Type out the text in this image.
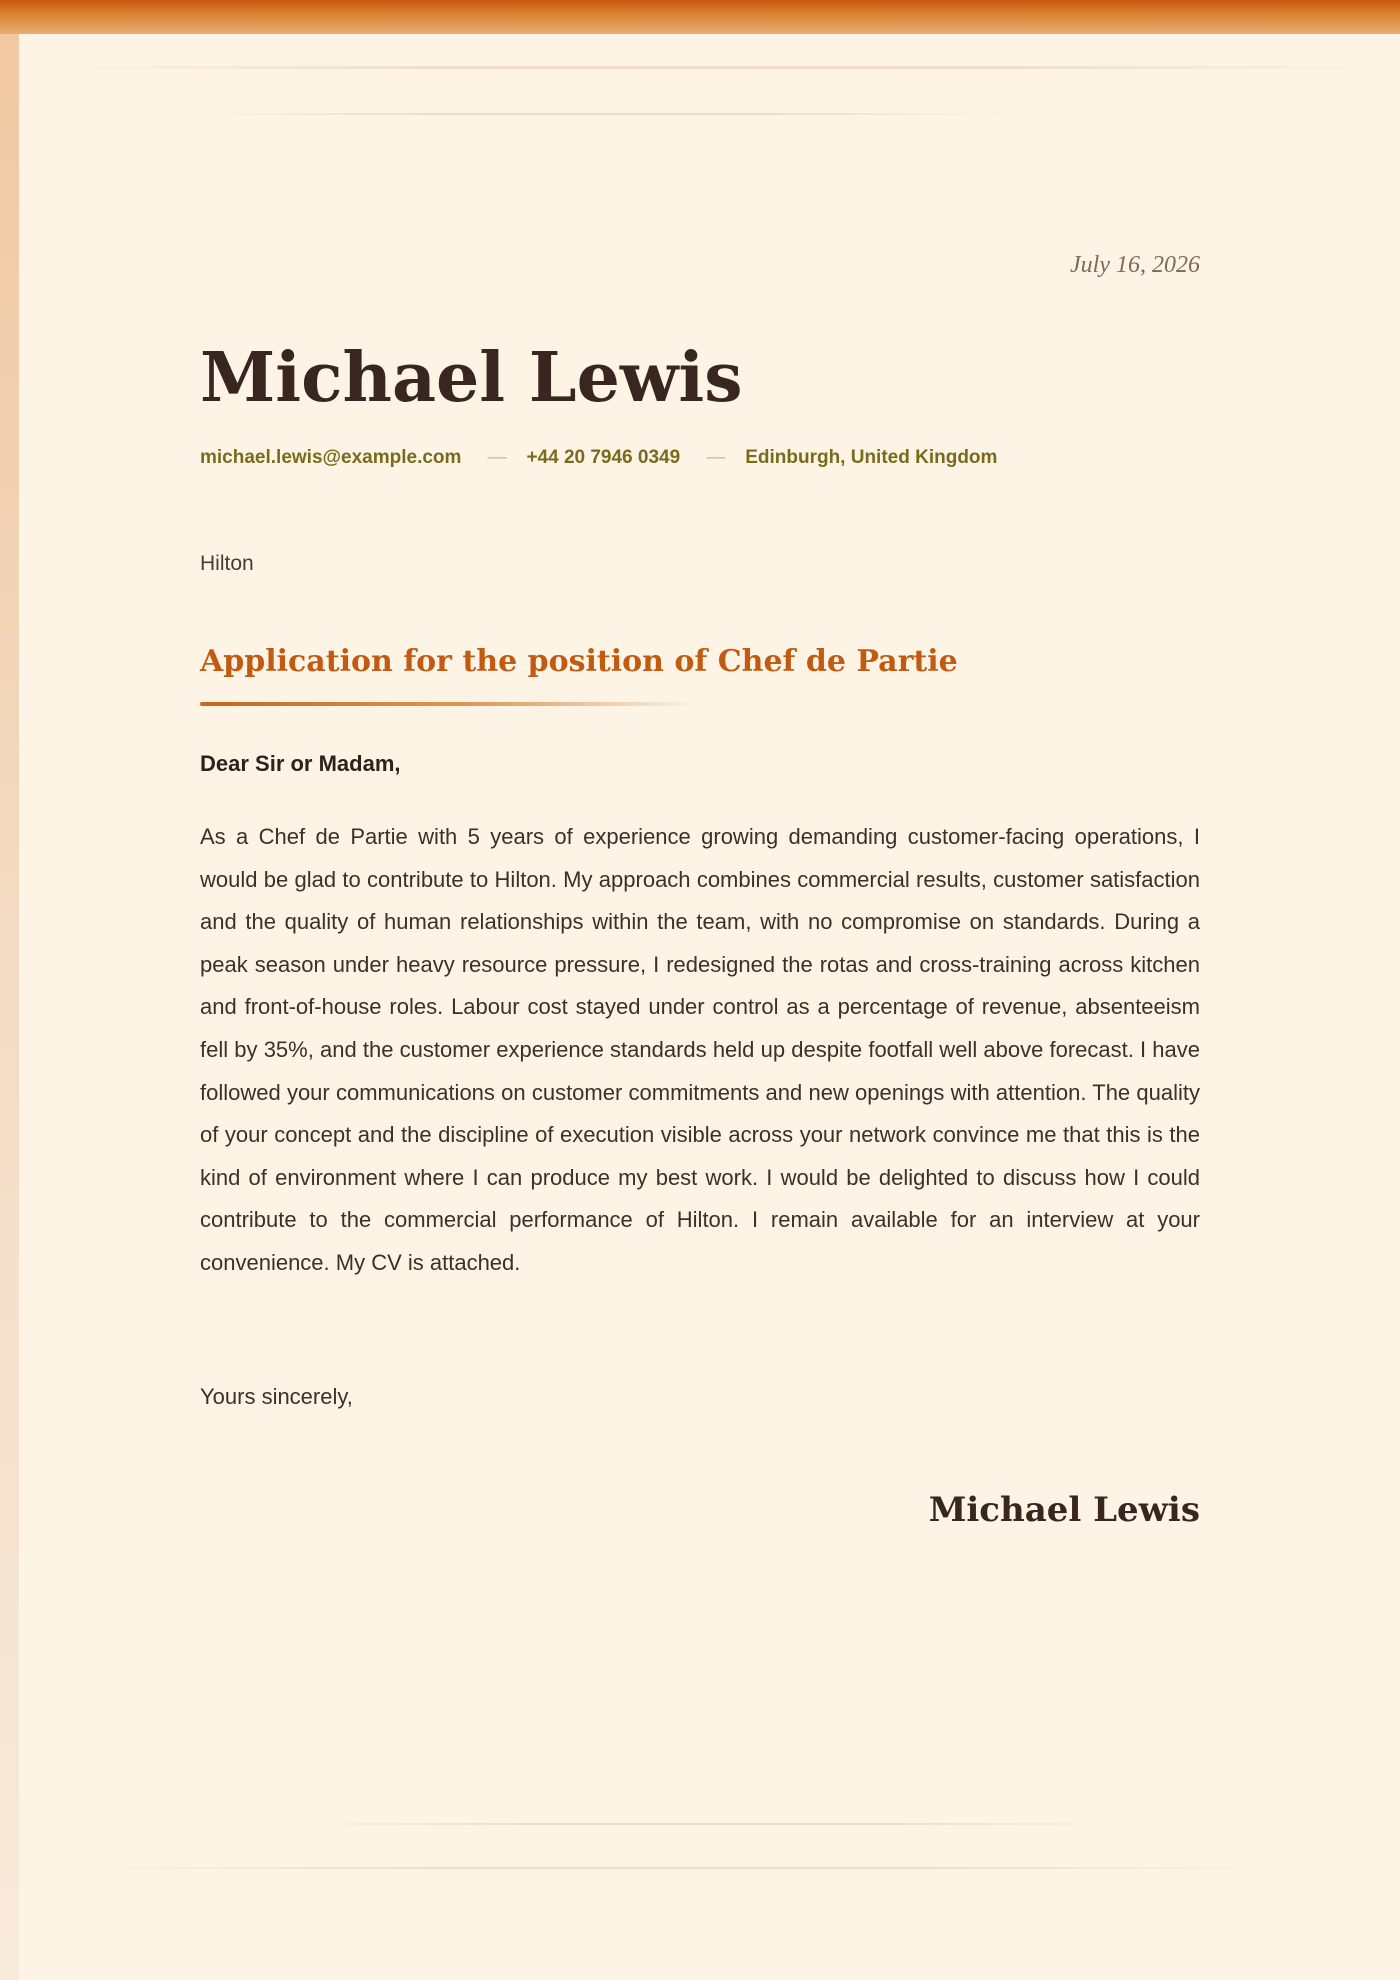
July 16, 2026
Michael Lewis
michael.lewis@example.com — +44 20 7946 0349 — Edinburgh, United Kingdom
Hilton
Application for the position of Chef de Partie
Dear Sir or Madam,

As a Chef de Partie with 5 years of experience growing demanding customer-facing operations, I would be glad to contribute to Hilton. My approach combines commercial results, customer satisfaction and the quality of human relationships within the team, with no compromise on standards. During a peak season under heavy resource pressure, I redesigned the rotas and cross-training across kitchen and front-of-house roles. Labour cost stayed under control as a percentage of revenue, absenteeism fell by 35%, and the customer experience standards held up despite footfall well above forecast. I have followed your communications on customer commitments and new openings with attention. The quality of your concept and the discipline of execution visible across your network convince me that this is the kind of environment where I can produce my best work. I would be delighted to discuss how I could contribute to the commercial performance of Hilton. I remain available for an interview at your convenience. My CV is attached.

Yours sincerely,
Michael Lewis
